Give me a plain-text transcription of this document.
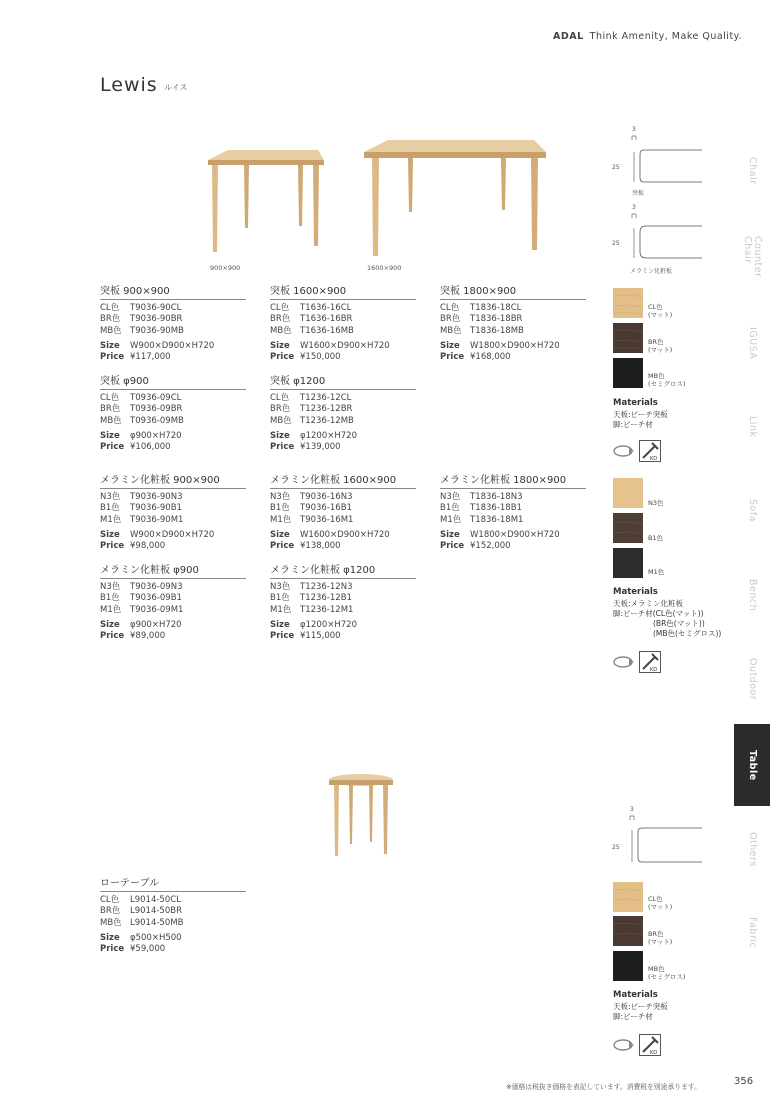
ADAL Think Amenity, Make Quality.
Lewis ルイス
900×900	1600×900
突板 900×900
CL色	T9036-90CL
BR色	T9036-90BR
MB色 T9036-90MB
Size	W900×D900×H720
Price ¥117,000
突板 1600×900
CL色	T1636-16CL
BR色	T1636-16BR
MB色 T1636-16MB
Size	W1600×D900×H720
Price ¥150,000
突板 1800×900
CL色	T1836-18CL
BR色	T1836-18BR
MB色 T1836-18MB
Size	W1800×D900×H720
Price ¥168,000
突板 φ900
CL色	T0936-09CL
BR色	T0936-09BR
MB色 T0936-09MB
Size	φ900×H720
Price ¥106,000
突板 φ1200
CL色	T1236-12CL
BR色	T1236-12BR
MB色 T1236-12MB
Size	φ1200×H720
Price ¥139,000
メラミン化粧板 900×900
N3色	T9036-90N3
B1色	T9036-90B1
M1色	T9036-90M1
Size	W900×D900×H720
Price ¥98,000
メラミン化粧板 1600×900
N3色	T9036-16N3
B1色	T9036-16B1
M1色	T9036-16M1
Size	W1600×D900×H720
Price ¥138,000
メラミン化粧板 1800×900
N3色	T1836-18N3
B1色	T1836-18B1
M1色	T1836-18M1
Size	W1800×D900×H720
Price ¥152,000
メラミン化粧板 φ900
N3色	T9036-09N3
B1色	T9036-09B1
M1色	T9036-09M1
Size	φ900×H720
Price ¥89,000
メラミン化粧板 φ1200
N3色	T1236-12N3
B1色	T1236-12B1
M1色	T1236-12M1
Size	φ1200×H720
Price ¥115,000
ローテーブル
CL色	L9014-50CL
BR色	L9014-50BR
MB色 L9014-50MB
Size	φ500×H500
Price ¥59,000
3
25
突板
3
25
メラミン化粧板
3
25
CL色
(マット)
BR色
(マット)
MB色
(セミグロス)
Materials
天板:ビーチ突板
脚:ビーチ材
KD
N3色
B1色
M1色
Materials
天板:メラミン化粧板
脚:ビーチ材(CL色(マット))
(BR色(マット))
(MB色(セミグロス))
KD
CL色
(マット)
BR色
(マット)
MB色
(セミグロス)
Materials
天板:ビーチ突板
脚:ビーチ材
KD
Chair
Counter
Chair
IGUSA
Link
Sofa
Bench
Outdoor
Table
Others
Fabric
※価格は税抜き価格を表記しています。消費税を別途承ります。	356
